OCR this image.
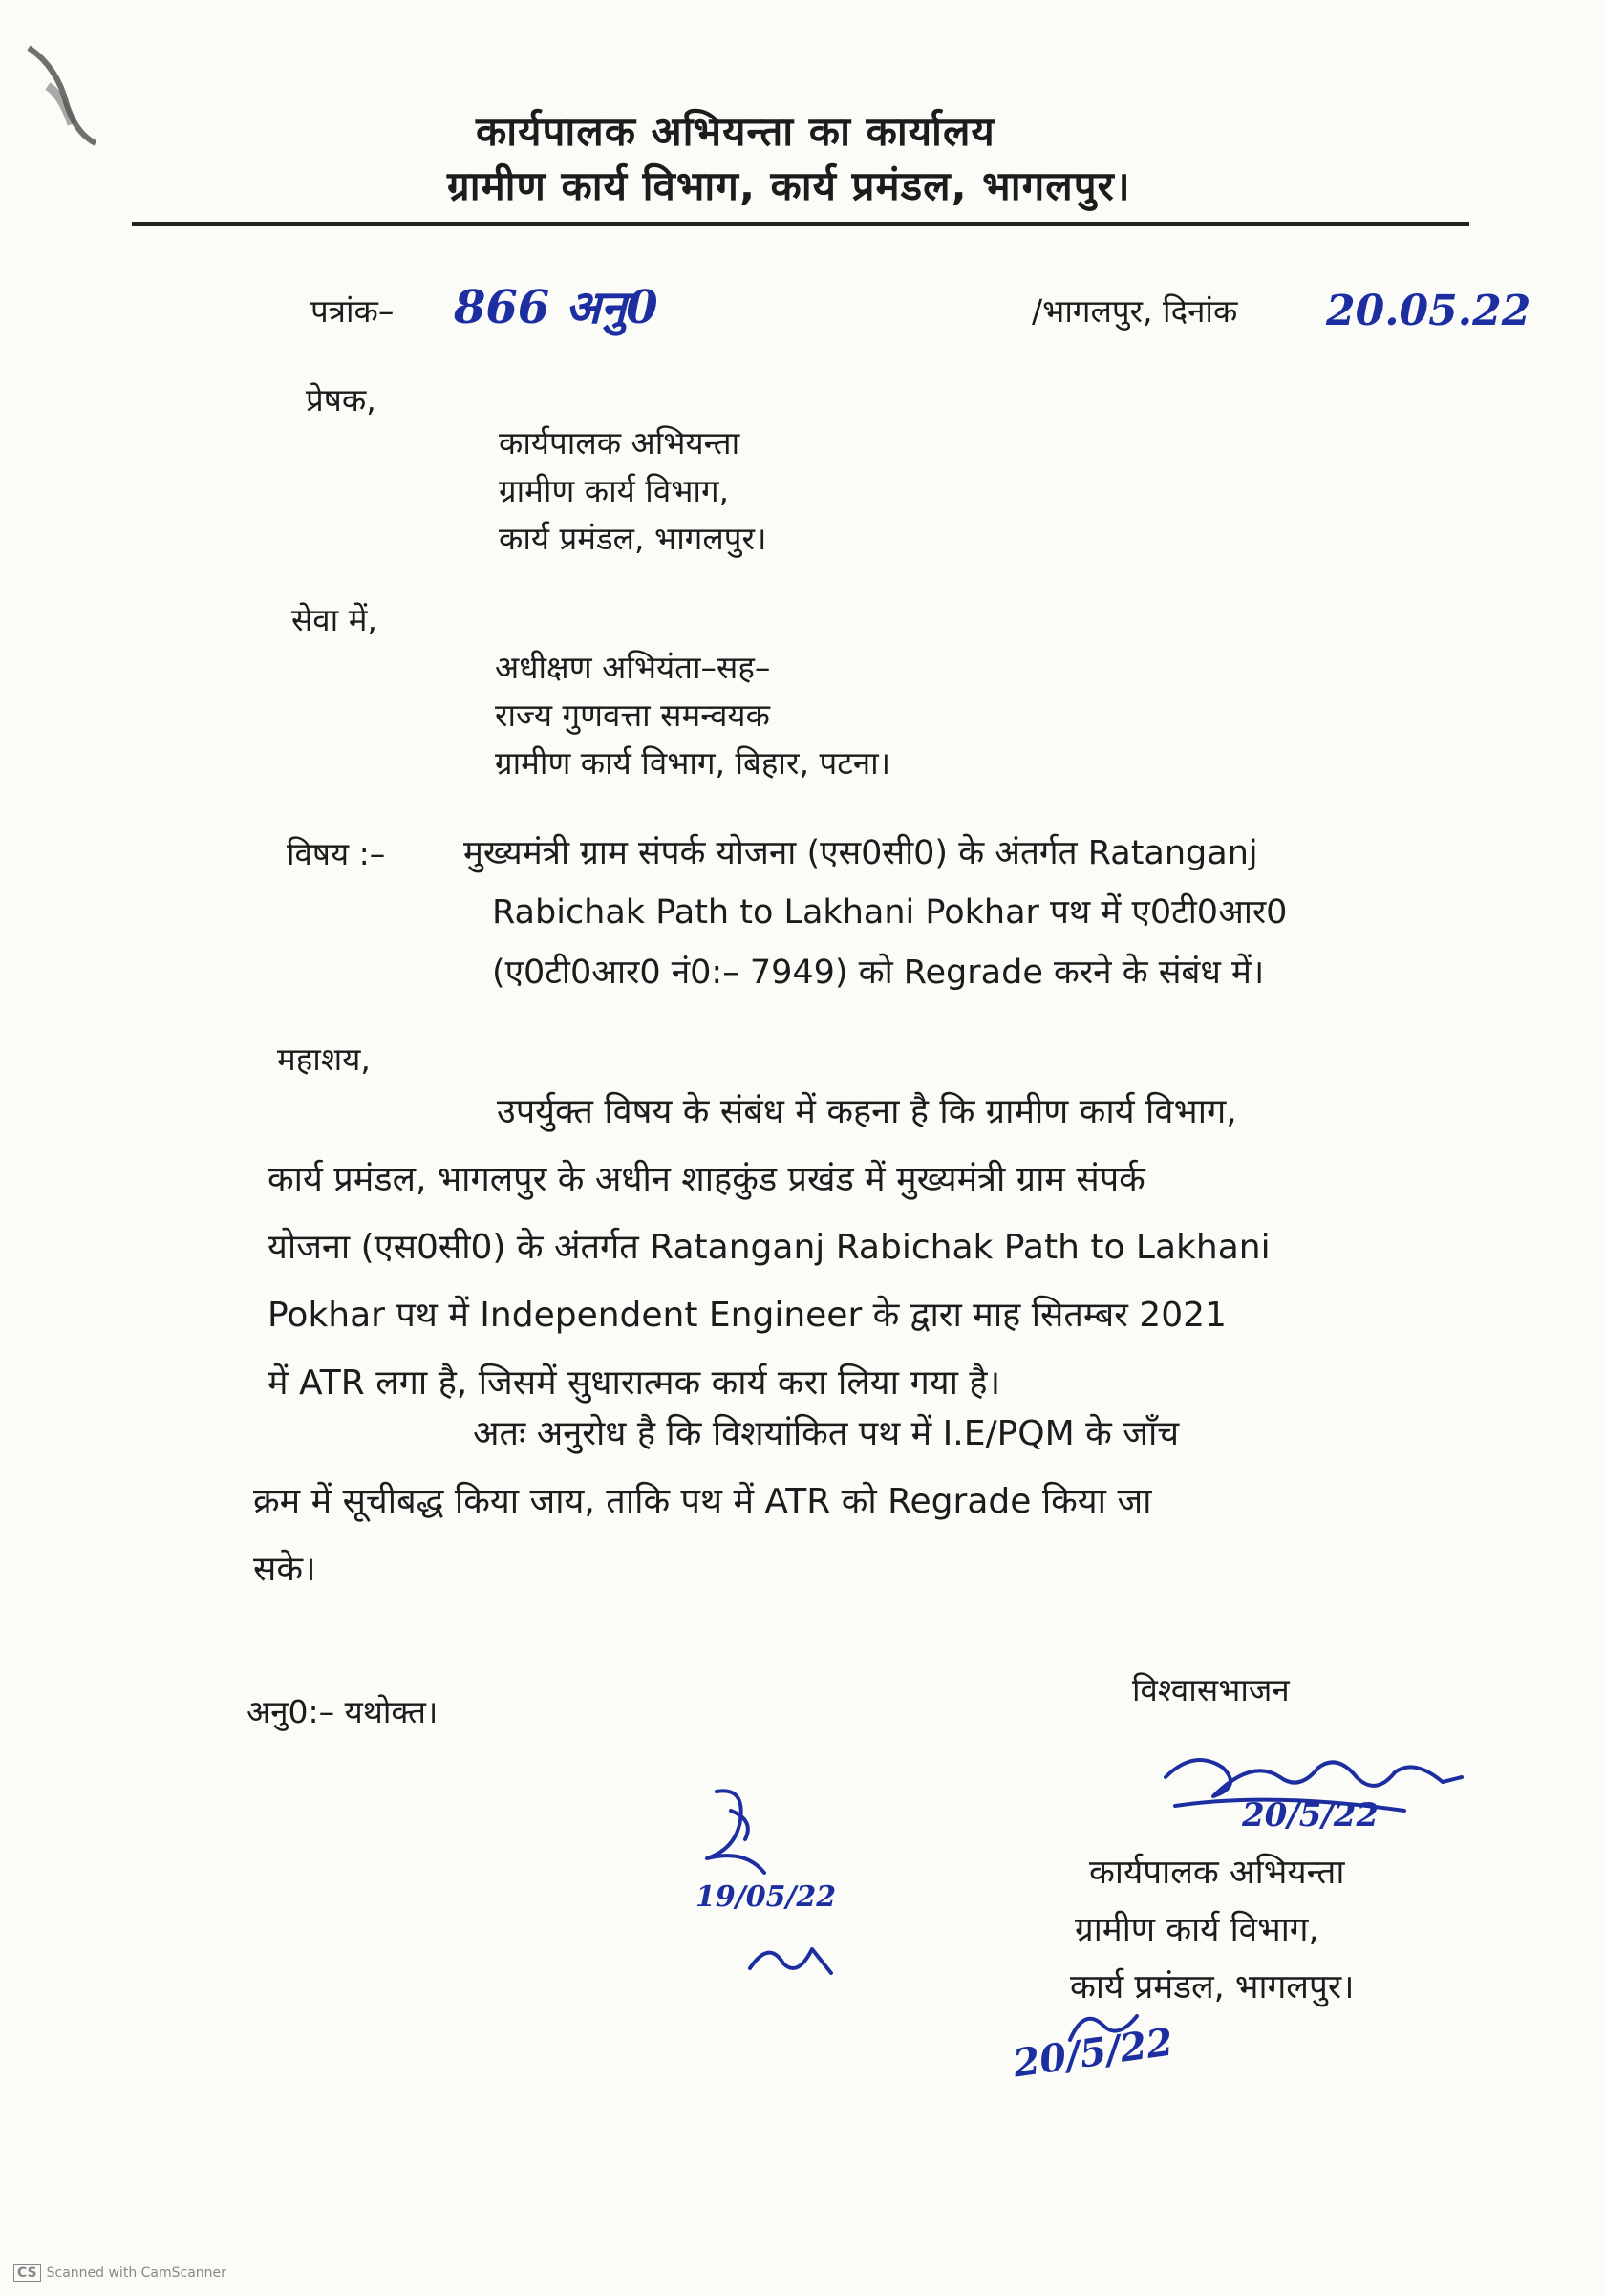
कार्यपालक अभियन्ता का कार्यालय
ग्रामीण कार्य विभाग, कार्य प्रमंडल, भागलपुर।
पत्रांक– 866 अनु0	/भागलपुर, दिनांक 20.05.22
प्रेषक,
कार्यपालक अभियन्ता
ग्रामीण कार्य विभाग,
कार्य प्रमंडल, भागलपुर।
सेवा में,
अधीक्षण अभियंता–सह–
राज्य गुणवत्ता समन्वयक
ग्रामीण कार्य विभाग, बिहार, पटना।
विषय :– मुख्यमंत्री ग्राम संपर्क योजना (एस0सी0) के अंतर्गत Ratanganj
Rabichak Path to Lakhani Pokhar पथ में ए0टी0आर0
(ए0टी0आर0 नं0:– 7949) को Regrade करने के संबंध में।
महाशय,
उपर्युक्त विषय के संबंध में कहना है कि ग्रामीण कार्य विभाग,
कार्य प्रमंडल, भागलपुर के अधीन शाहकुंड प्रखंड में मुख्यमंत्री ग्राम संपर्क
योजना (एस0सी0) के अंतर्गत Ratanganj Rabichak Path to Lakhani
Pokhar पथ में Independent Engineer के द्वारा माह सितम्बर 2021
में ATR लगा है, जिसमें सुधारात्मक कार्य करा लिया गया है।
अतः अनुरोध है कि विशयांकित पथ में I.E/PQM के जाँच
क्रम में सूचीबद्ध किया जाय, ताकि पथ में ATR को Regrade किया जा
सके।
अनु0:– यथोक्त।
विश्वासभाजन
20/5/22
कार्यपालक अभियन्ता
ग्रामीण कार्य विभाग,
कार्य प्रमंडल, भागलपुर।
19/05/22
20/5/22
CS Scanned with CamScanner
